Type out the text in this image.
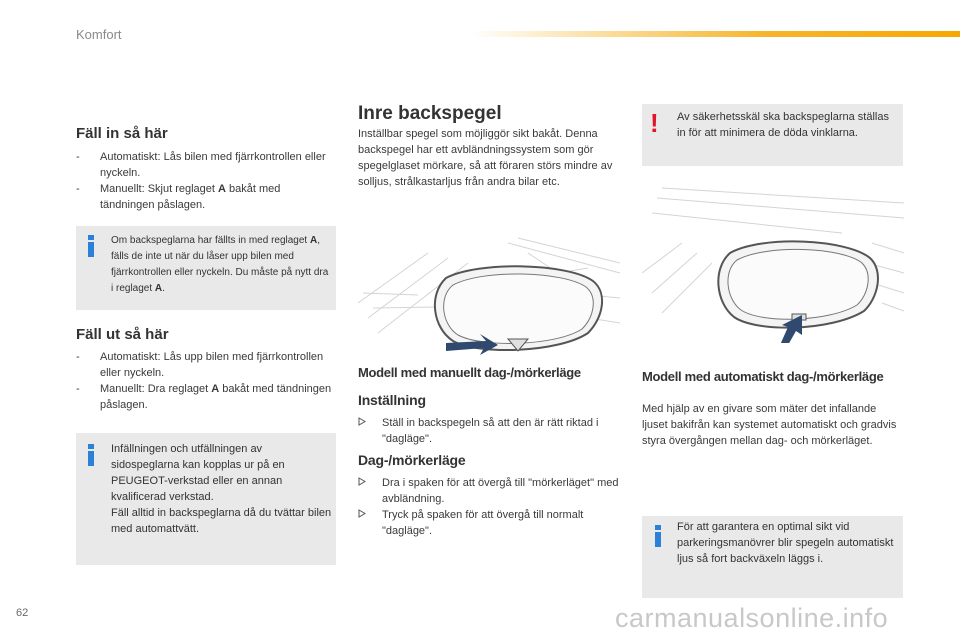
Komfort
Fäll in så här
-	Automatiskt: Lås bilen med fjärrkontrollen eller nyckeln.
-	Manuellt: Skjut reglaget A bakåt med tändningen påslagen.
Om backspeglarna har fällts in med reglaget A, fälls de inte ut när du låser upp bilen med fjärrkontrollen eller nyckeln. Du måste på nytt dra i reglaget A.
Fäll ut så här
-	Automatiskt: Lås upp bilen med fjärrkontrollen eller nyckeln.
-	Manuellt: Dra reglaget A bakåt med tändningen påslagen.
Infällningen och utfällningen av sidospeglarna kan kopplas ur på en PEUGEOT-verkstad eller en annan kvalificerad verkstad.
Fäll alltid in backspeglarna då du tvättar bilen med automattvätt.
Inre backspegel

Inställbar spegel som möjliggör sikt bakåt. Denna backspegel har ett avbländningssystem som gör spegelglaset mörkare, så att föraren störs mindre av solljus, strålkastarljus från andra bilar etc.

Modell med manuellt dag-/mörkerläge
Inställning
Ställ in backspegeln så att den är rätt riktad i "dagläge".
Dag-/mörkerläge
Dra i spaken för att övergå till "mörkerläget" med avbländning.
Tryck på spaken för att övergå till normalt "dagläge".
! Av säkerhetsskäl ska backspeglarna ställas in för att minimera de döda vinklarna.
Modell med automatiskt dag-/mörkerläge

Med hjälp av en givare som mäter det infallande ljuset bakifrån kan systemet automatiskt och gradvis styra övergången mellan dag- och mörkerläget.

För att garantera en optimal sikt vid parkeringsmanövrer blir spegeln automatiskt ljus så fort backväxeln läggs i.
62	carmanualsonline.info
